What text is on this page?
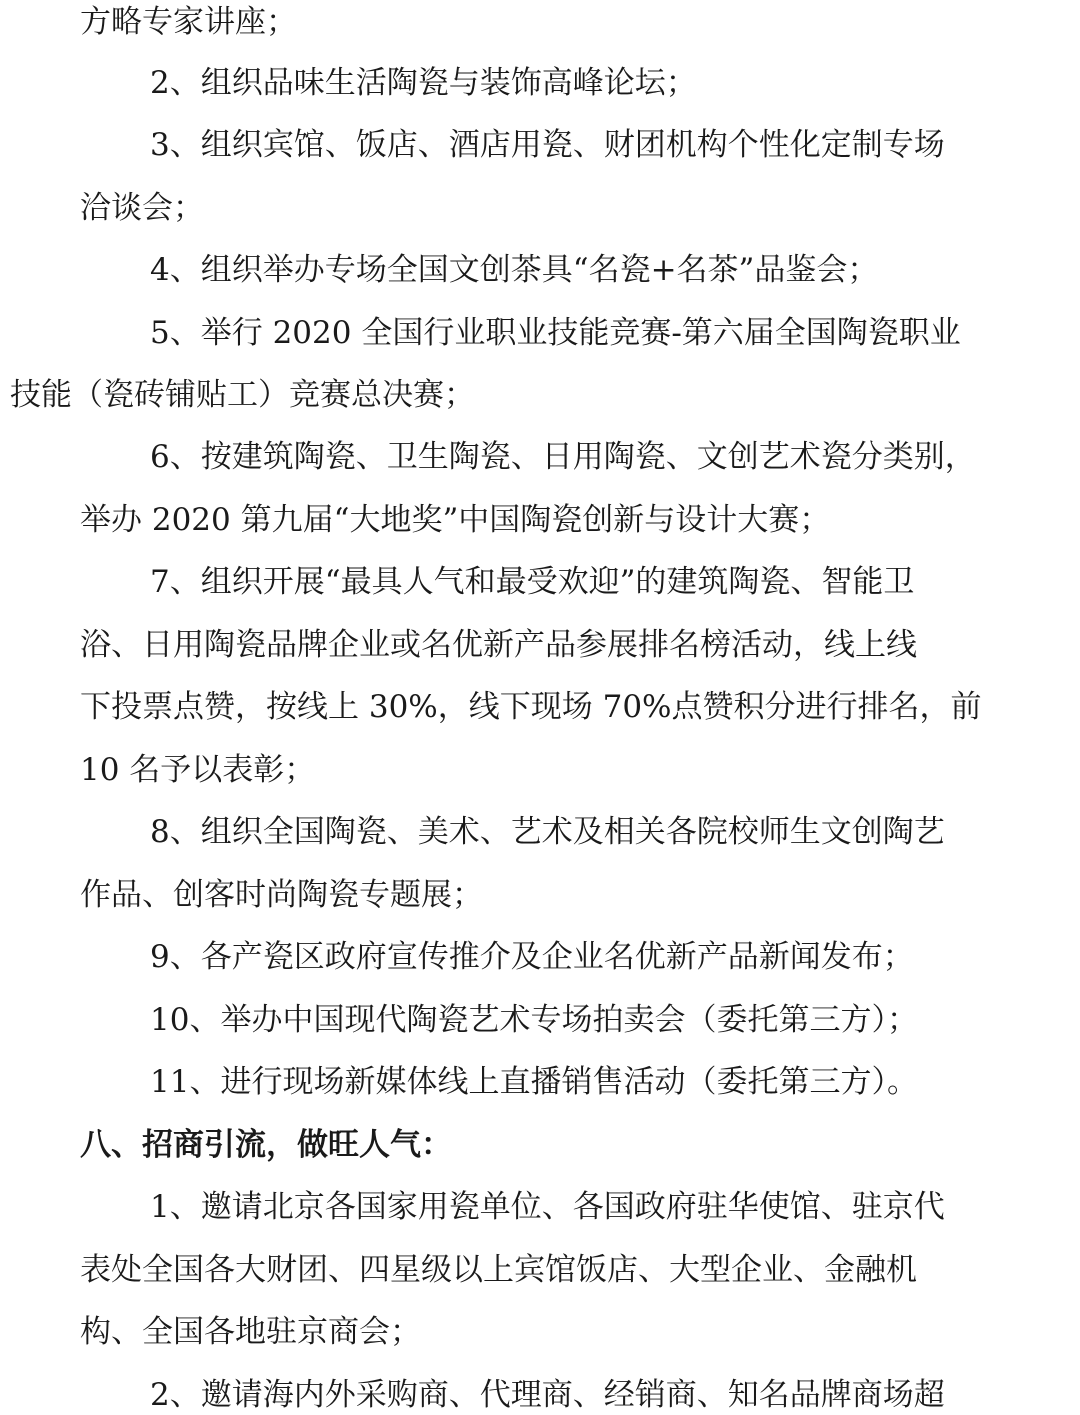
方略专家讲座；
2、组织品味生活陶瓷与装饰高峰论坛；
3、组织宾馆、饭店、酒店用瓷、财团机构个性化定制专场
洽谈会；
4、组织举办专场全国文创茶具“名瓷+名茶”品鉴会；
5、举行 2020 全国行业职业技能竞赛-第六届全国陶瓷职业
技能（瓷砖铺贴工）竞赛总决赛；
6、按建筑陶瓷、卫生陶瓷、日用陶瓷、文创艺术瓷分类别，
举办 2020 第九届“大地奖”中国陶瓷创新与设计大赛；
7、组织开展“最具人气和最受欢迎”的建筑陶瓷、智能卫
浴、日用陶瓷品牌企业或名优新产品参展排名榜活动，线上线
下投票点赞，按线上 30%，线下现场 70%点赞积分进行排名，前
10 名予以表彰；
8、组织全国陶瓷、美术、艺术及相关各院校师生文创陶艺
作品、创客时尚陶瓷专题展；
9、各产瓷区政府宣传推介及企业名优新产品新闻发布；
10、举办中国现代陶瓷艺术专场拍卖会（委托第三方）；
11、进行现场新媒体线上直播销售活动（委托第三方）。
八、招商引流，做旺人气：
1、邀请北京各国家用瓷单位、各国政府驻华使馆、驻京代
表处全国各大财团、四星级以上宾馆饭店、大型企业、金融机
构、全国各地驻京商会；
2、邀请海内外采购商、代理商、经销商、知名品牌商场超
